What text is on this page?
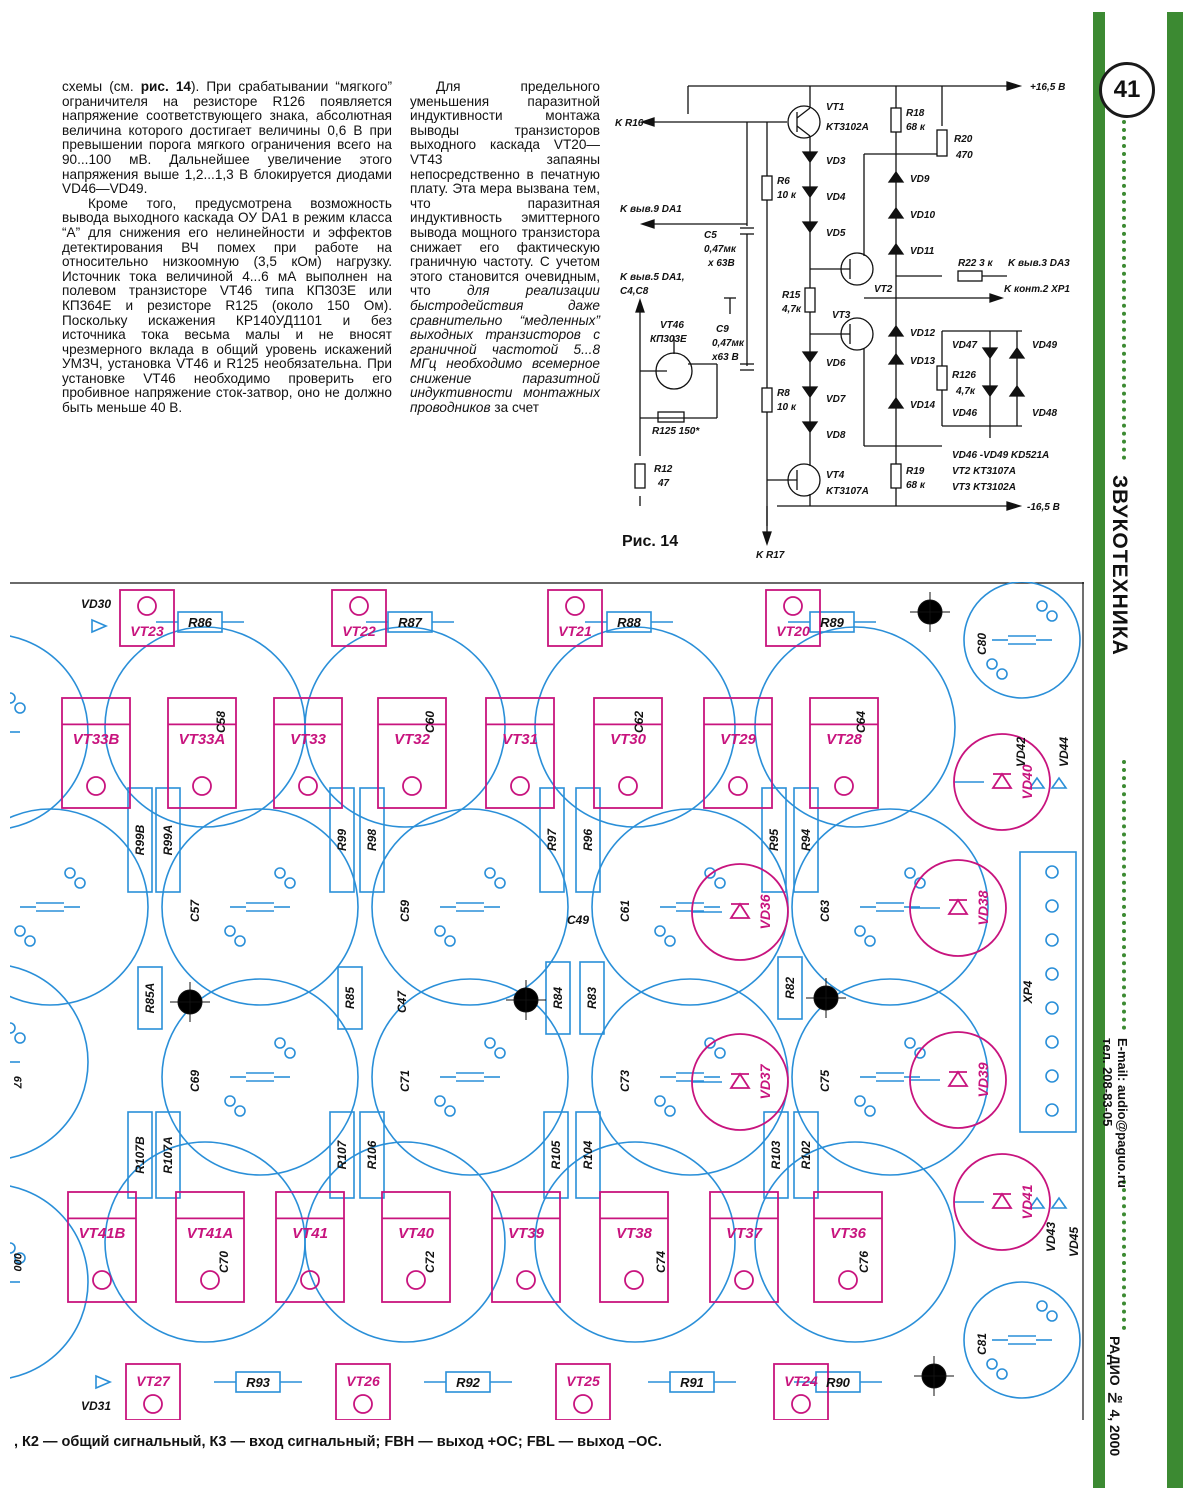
схемы (см. рис. 14). При срабатывании “мягкого” ограничителя на резисторе R126 появляется напряжение соответствующего знака, абсолютная величина которого достигает величины 0,6 В при превышении порога мягкого ограничения всего на 90...100 мВ. Дальнейшее увеличение этого напряжения выше 1,2...1,3 В блокируется диодами VD46—VD49.

Кроме того, предусмотрена возможность вывода выходного каскада ОУ DA1 в режим класса “А” для снижения его нелинейности и эффектов детектирования ВЧ помех при работе на относительно низкоомную (3,5 кОм) нагрузку. Источник тока величиной 4...6 мА выполнен на полевом транзисторе VT46 типа КП303Е или КП364Е и резисторе R125 (около 150 Ом). Поскольку искажения КР140УД1101 и без источника тока весьма малы и не вносят чрезмерного вклада в общий уровень искажений УМЗЧ, установка VT46 и R125 необязательна. При установке VT46 необходимо проверить его пробивное напряжение сток-затвор, оно не должно быть меньше 40 В.

Для предельного уменьшения паразитной индуктивности монтажа выводы транзисторов выходного каскада VT20—VT43 запаяны непосредственно в печатную плату. Эта мера вызвана тем, что паразитная индуктивность эмиттерного вывода мощного транзистора снижает его фактическую граничную частоту. С учетом этого становится очевидным, что	для реализации быстродействия даже сравнительно “медленных” выходных транзисторов с граничной частотой 5...8 МГц необходимо всемерное снижение паразитной индуктивности монтажных проводников за счет

+16,5 В
-16,5 В
K R16
VT1
KT3102A
VD3
VD4
VD5
VD6
VD7
VD8
R6
10 к
R15
4,7к
R8
10 к
C5
0,47мк
x 63В
C9
0,47мк
x63 В
K выв.9 DA1
K выв.5 DA1,
C4,C8
VT46
КП303Е
R125 150*
R12
47
VT2
VT3
VD9
VD10
VD11
VD12
VD13
VD14
R18
68 к
R19
68 к
R20
470
R22 3 к K выв.3 DA3
K конт.2 XP1
R126
4,7к
VD47	VD49
VD46	VD48
VD46 -VD49 KD521A
VT2 KT3107A
VT3 KT3102A
VT4
KT3107A
K R17
Рис. 14
C58	C60	C62	C64
C57	C59	C61	C63
C69	C71	C73	C75
C70	C72	C74	C76
C80
C81
VT33B	VT33A	VT33	VT32	VT31	VT30	VT29	VT28
VT41B	VT41A	VT41	VT40	VT39	VT38	VT37	VT36
VT23	VT22	VT21	VT20
VT27	VT26	VT25	VT24
R86	R87	R88	R89
R93	R92	R91	R90
VD30
VD31
R99B R99A	R99 R98	R97 R96	R95 R94
R107B R107A	R107 R106	R105 R104	R103 R102
R85A	R85	R84 R83	R82
C47
C49	VD36
VD37
VD38
VD39
VD40
VD41
VD42 VD44
VD43 VD45
XP4
67
000
, К2 — общий сигнальный, К3 — вход сигнальный; FBH — выход +ОС; FBL — выход –ОС.
41
ЗВУКОТЕХНИКА
E-mail: audio@paguo.ru
тел. 208-83-05
РАДИО № 4, 2000
